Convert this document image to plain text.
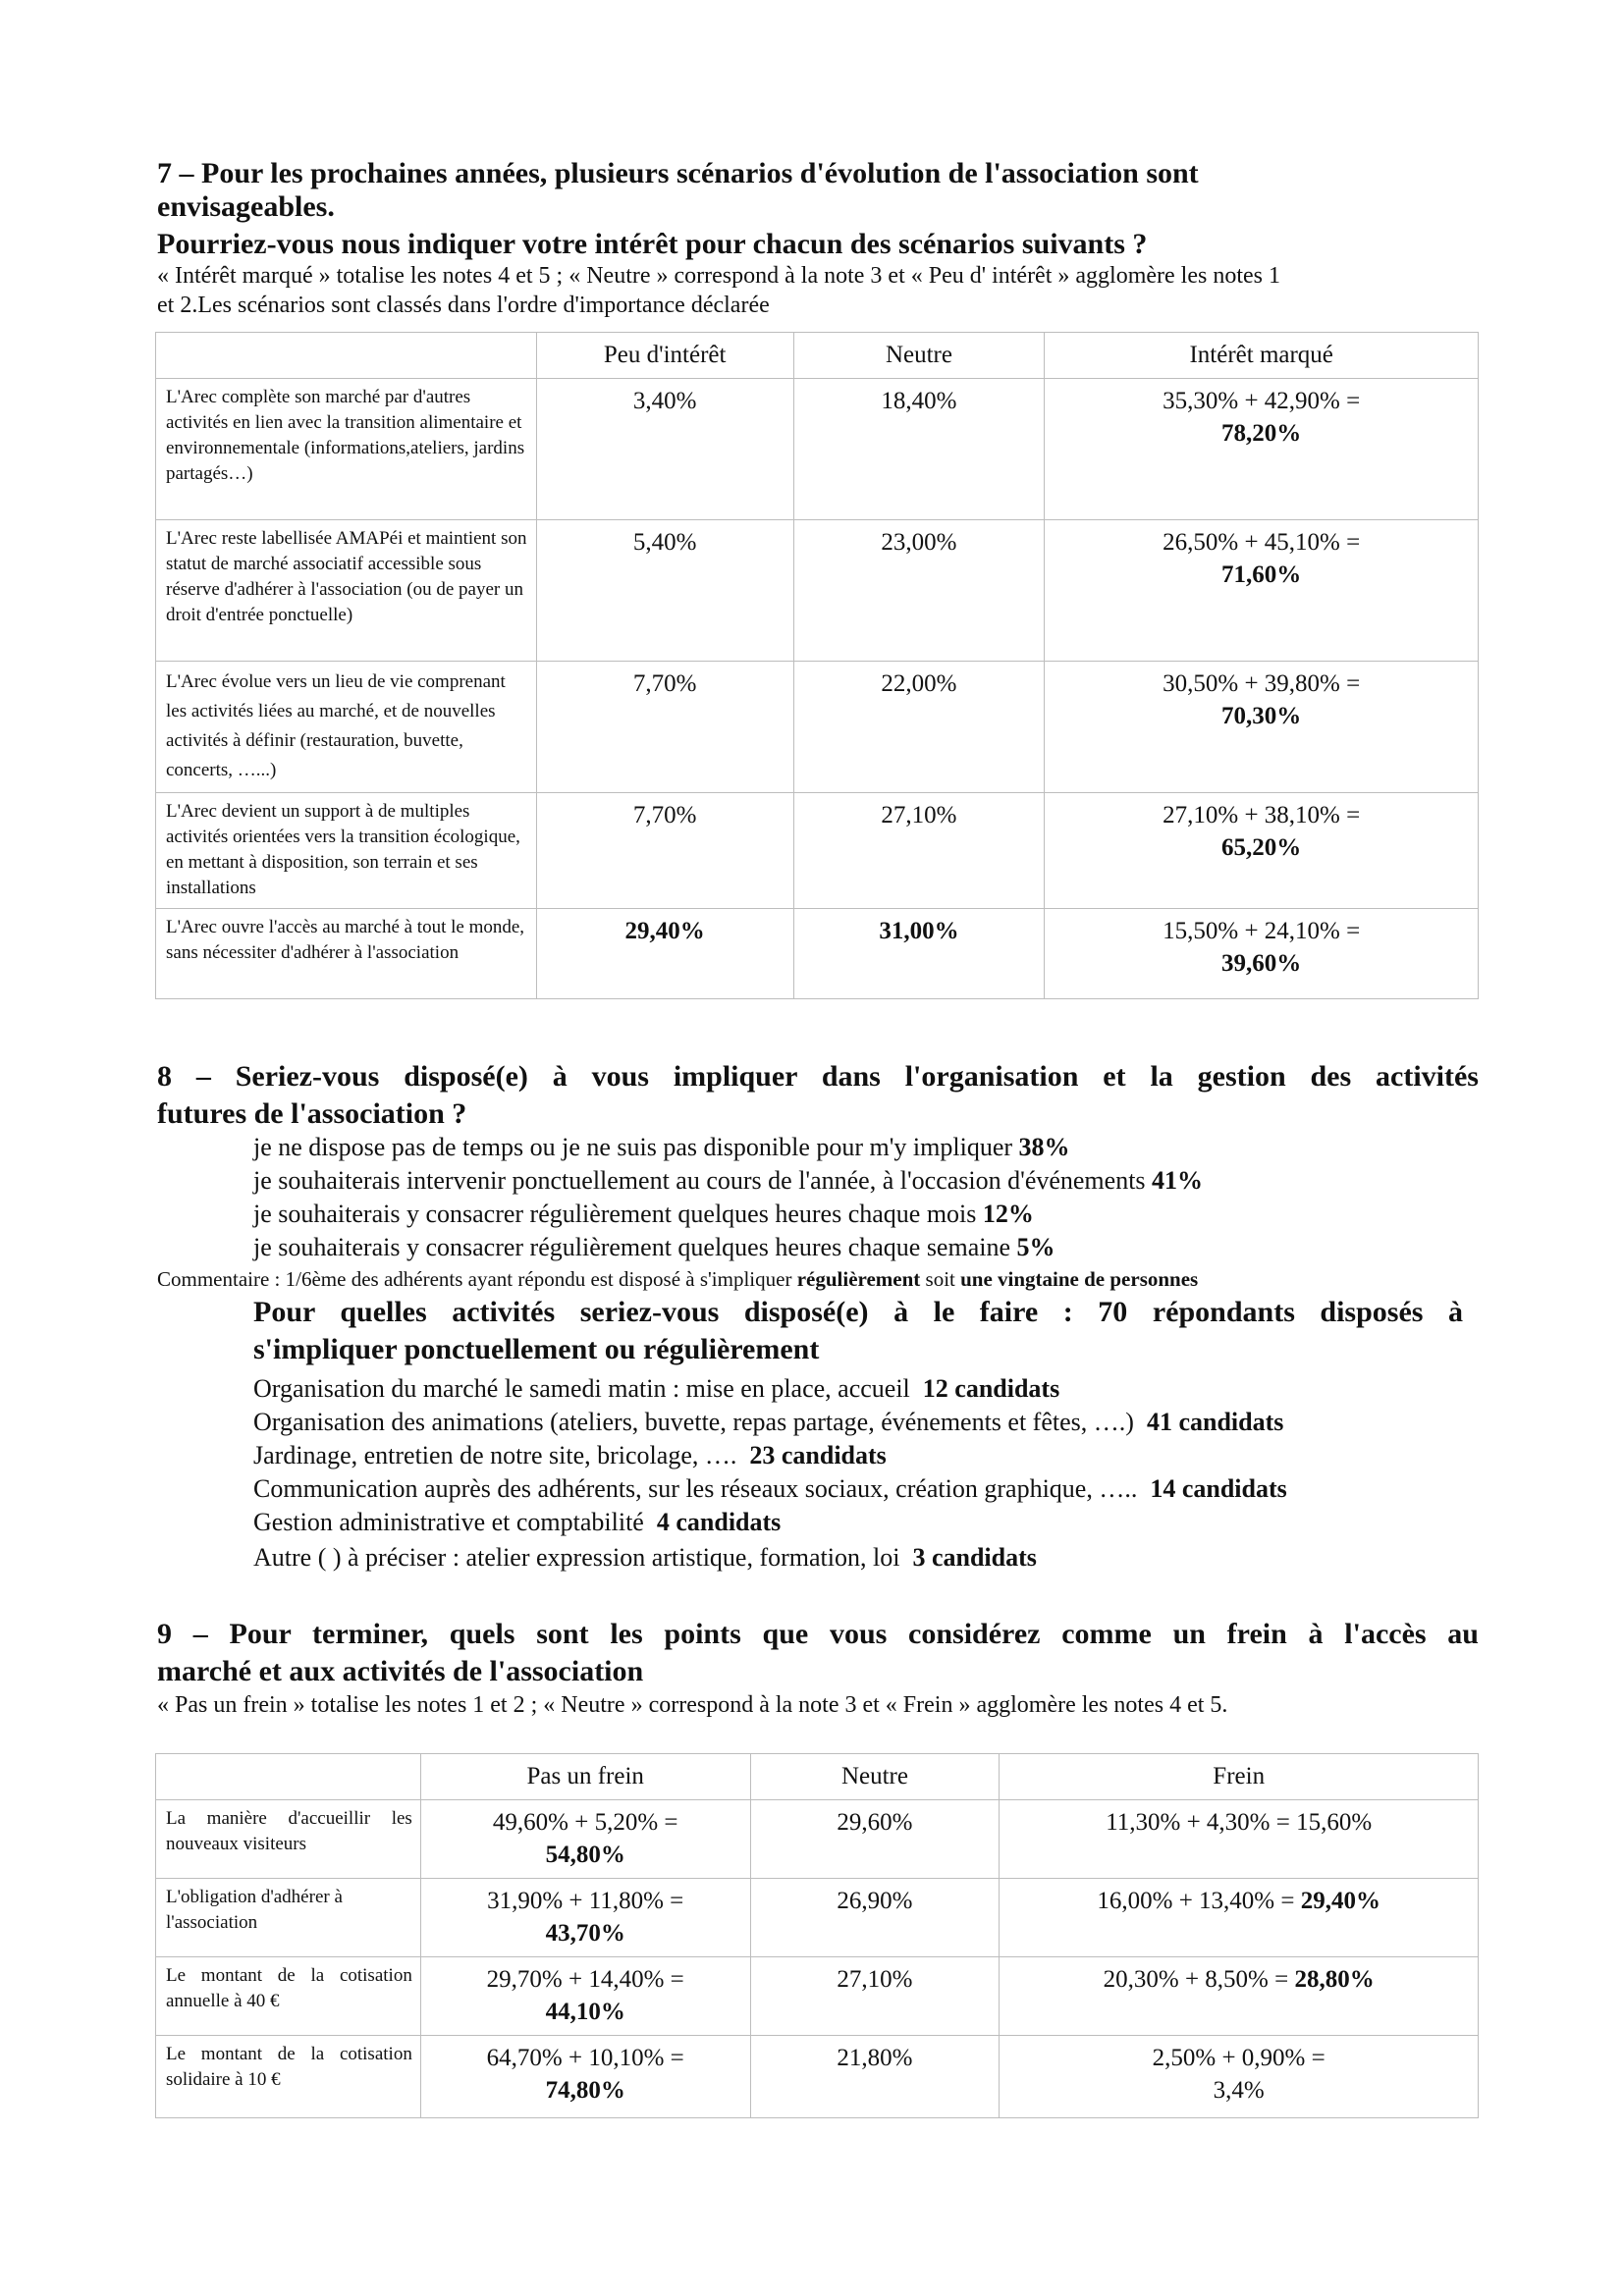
7 – Pour les prochaines années, plusieurs scénarios d'évolution de l'association sont

envisageables.

Pourriez-vous nous indiquer votre intérêt pour chacun des scénarios suivants ?

« Intérêt marqué » totalise les notes 4 et 5 ; « Neutre » correspond à la note 3 et « Peu d' intérêt » agglomère les notes 1

et 2.Les scénarios sont classés dans l'ordre d'importance déclarée

	Peu d'intérêt	Neutre	Intérêt marqué
L'Arec complète son marché par d'autres activités en lien avec la transition alimentaire et environnementale (informations,ateliers, jardins partagés…)	3,40%	18,40%	35,30% + 42,90% =
78,20%
L'Arec reste labellisée AMAPéi et maintient son statut de marché associatif accessible sous réserve d'adhérer à l'association (ou de payer un droit d'entrée ponctuelle)	5,40%	23,00%	26,50% + 45,10% =
71,60%
L'Arec évolue vers un lieu de vie comprenant les activités liées au marché, et de nouvelles activités à définir (restauration, buvette, concerts, …...)	7,70%	22,00%	30,50% + 39,80% =
70,30%
L'Arec devient un support à de multiples activités orientées vers la transition écologique, en mettant à disposition, son terrain et ses installations	7,70%	27,10%	27,10% + 38,10% =
65,20%
L'Arec ouvre l'accès au marché à tout le monde, sans nécessiter d'adhérer à l'association	29,40%	31,00%	15,50% + 24,10% =
39,60%

8 – Seriez-vous disposé(e) à vous impliquer dans l'organisation et la gestion des activités

futures de l'association ?

je ne dispose pas de temps ou je ne suis pas disponible pour m'y impliquer 38%
je souhaiterais intervenir ponctuellement au cours de l'année, à l'occasion d'événements 41%
je souhaiterais y consacrer régulièrement quelques heures chaque mois 12%
je souhaiterais y consacrer régulièrement quelques heures chaque semaine 5%
Commentaire : 1/6ème des adhérents ayant répondu est disposé à s'impliquer régulièrement soit une vingtaine de personnes
Pour quelles activités seriez-vous disposé(e) à le faire : 70 répondants disposés à
s'impliquer ponctuellement ou régulièrement
Organisation du marché le samedi matin : mise en place, accueil 12 candidats
Organisation des animations (ateliers, buvette, repas partage, événements et fêtes, ….) 41 candidats
Jardinage, entretien de notre site, bricolage, …. 23 candidats
Communication auprès des adhérents, sur les réseaux sociaux, création graphique, ….. 14 candidats
Gestion administrative et comptabilité 4 candidats
Autre ( ) à préciser : atelier expression artistique, formation, loi 3 candidats

9 – Pour terminer, quels sont les points que vous considérez comme un frein à l'accès au

marché et aux activités de l'association

« Pas un frein » totalise les notes 1 et 2 ; « Neutre » correspond à la note 3 et « Frein » agglomère les notes 4 et 5.

	Pas un frein	Neutre	Frein
La manière d'accueillir les nouveaux visiteurs	49,60% + 5,20% =
54,80%	29,60%	11,30% + 4,30% = 15,60%
L'obligation d'adhérer à l'association	31,90% + 11,80% =
43,70%	26,90%	16,00% + 13,40% = 29,40%
Le montant de la cotisation annuelle à 40 €	29,70% + 14,40% =
44,10%	27,10%	20,30% + 8,50% = 28,80%
Le montant de la cotisation solidaire à 10 €	64,70% + 10,10% =
74,80%	21,80%	2,50% + 0,90% =
3,4%
